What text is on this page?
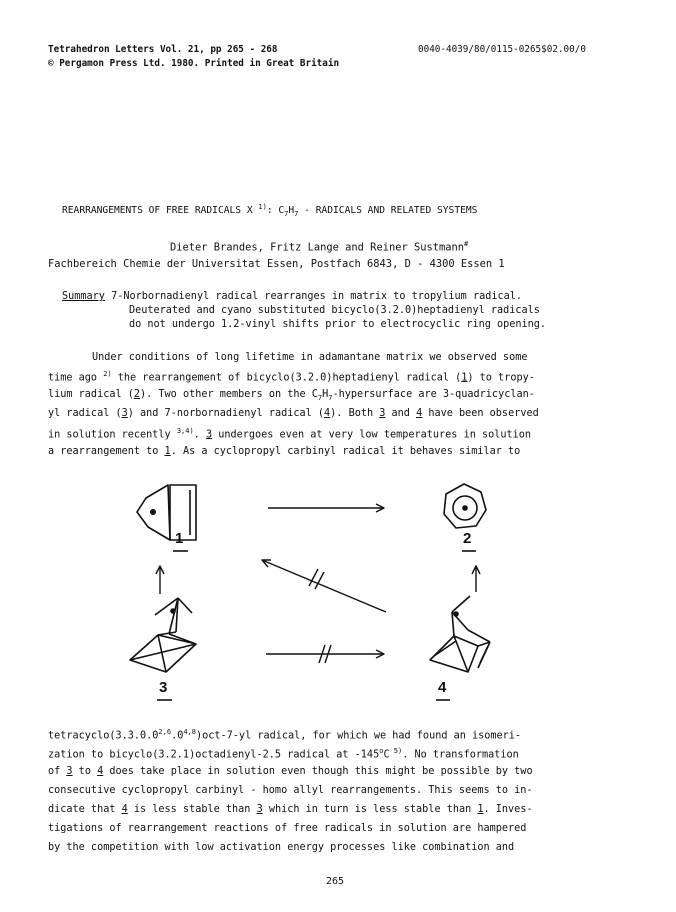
Tetrahedron Letters Vol. 21, pp 265 - 268
© Pergamon Press Ltd. 1980. Printed in Great Britain
0040-4039/80/0115-0265$02.00/0
REARRANGEMENTS OF FREE RADICALS X $^{1)}$: $C_7H_7$ - RADICALS AND RELATED SYSTEMS
Dieter Brandes, Fritz Lange and Reiner Sustmann#
Fachbereich Chemie der Universitat Essen, Postfach 6843, D - 4300 Essen 1
Summary 7-Norbornadienyl radical rearranges in matrix to tropylium radical.
Deuterated and cyano substituted bicyclo(3.2.0)heptadienyl radicals
do not undergo 1.2-vinyl shifts prior to electrocyclic ring opening.
Under conditions of long lifetime in adamantane matrix we observed some
time ago $^{2)}$ the rearrangement of bicyclo(3.2.0)heptadienyl radical (1) to tropy-
lium radical (2). Two other members on the $C_7H_7$-hypersurface are 3-quadricyclan-
yl radical (3) and 7-norbornadienyl radical (4). Both 3 and 4 have been observed
in solution recently $^{3,4)}$. 3 undergoes even at very low temperatures in solution
a rearrangement to 1. As a cyclopropyl carbinyl radical it behaves similar to
1	2
3	4
tetracyclo(3.3.0.0$^{2,6}$.0$^{4,8}$)oct-7-yl radical, for which we had found an isomeri-
zation to bicyclo(3.2.1)octadienyl-2.5 radical at -145$^o$C $^{5)}$. No transformation
of 3 to 4 does take place in solution even though this might be possible by two
consecutive cyclopropyl carbinyl - homo allyl rearrangements. This seems to in-
dicate that 4 is less stable than 3 which in turn is less stable than 1. Inves-
tigations of rearrangement reactions of free radicals in solution are hampered
by the competition with low activation energy processes like combination and
265
